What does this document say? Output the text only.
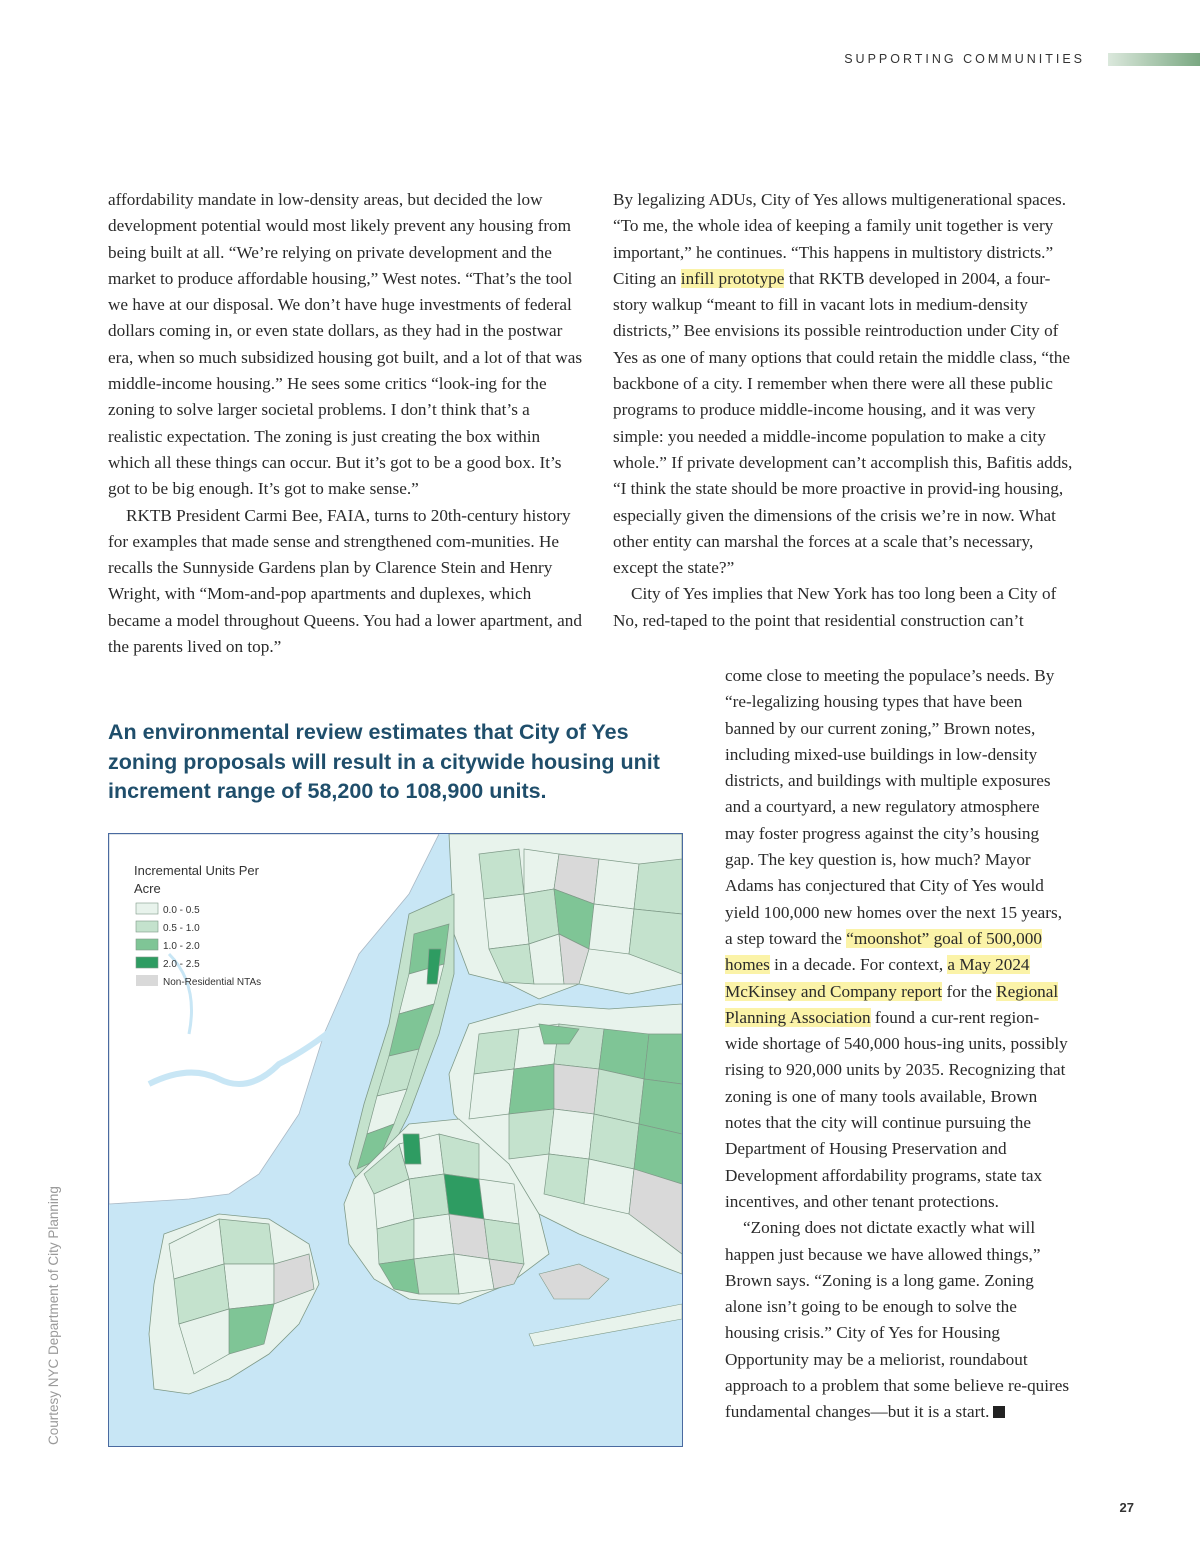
SUPPORTING COMMUNITIES

affordability mandate in low-density areas, but decided the low development potential would most likely prevent any housing from being built at all. “We’re relying on private development and the market to produce affordable housing,” West notes. “That’s the tool we have at our disposal. We don’t have huge investments of federal dollars coming in, or even state dollars, as they had in the postwar era, when so much subsidized housing got built, and a lot of that was middle-income housing.” He sees some critics “look-ing for the zoning to solve larger societal problems. I don’t think that’s a realistic expectation. The zoning is just creating the box within which all these things can occur. But it’s got to be a good box. It’s got to be big enough. It’s got to make sense.”

RKTB President Carmi Bee, FAIA, turns to 20th-century history for examples that made sense and strengthened com-munities. He recalls the Sunnyside Gardens plan by Clarence Stein and Henry Wright, with “Mom-and-pop apartments and duplexes, which became a model throughout Queens. You had a lower apartment, and the parents lived on top.”

By legalizing ADUs, City of Yes allows multigenerational spaces. “To me, the whole idea of keeping a family unit together is very important,” he continues. “This happens in multistory districts.” Citing an infill prototype that RKTB developed in 2004, a four-story walkup “meant to fill in vacant lots in medium-density districts,” Bee envisions its possible reintroduction under City of Yes as one of many options that could retain the middle class, “the backbone of a city. I remember when there were all these public programs to produce middle-income housing, and it was very simple: you needed a middle-income population to make a city whole.” If private development can’t accomplish this, Bafitis adds, “I think the state should be more proactive in provid-ing housing, especially given the dimensions of the crisis we’re in now. What other entity can marshal the forces at a scale that’s necessary, except the state?”

City of Yes implies that New York has too long been a City of No, red-taped to the point that residential construction can’t

come close to meeting the populace’s needs. By “re-legalizing housing types that have been banned by our current zoning,” Brown notes, including mixed-use buildings in low-density districts, and buildings with multiple exposures and a courtyard, a new regulatory atmosphere may foster progress against the city’s housing gap. The key question is, how much? Mayor Adams has conjectured that City of Yes would yield 100,000 new homes over the next 15 years, a step toward the “moonshot” goal of 500,000 homes in a decade. For context, a May 2024 McKinsey and Company report for the Regional Planning Association found a cur-rent region-wide shortage of 540,000 hous-ing units, possibly rising to 920,000 units by 2035. Recognizing that zoning is one of many tools available, Brown notes that the city will continue pursuing the Department of Housing Preservation and Development affordability programs, state tax incentives, and other tenant protections.

“Zoning does not dictate exactly what will happen just because we have allowed things,” Brown says. “Zoning is a long game. Zoning alone isn’t going to be enough to solve the housing crisis.” City of Yes for Housing Opportunity may be a meliorist, roundabout approach to a problem that some believe re-quires fundamental changes—but it is a start.

An environmental review estimates that City of Yes zoning proposals will result in a citywide housing unit increment range of 58,200 to 108,900 units.

Incremental Units Per
Acre
0.0 - 0.5
0.5 - 1.0
1.0 - 2.0
2.0 - 2.5
Non-Residential NTAs
Courtesy NYC Department of City Planning
27
